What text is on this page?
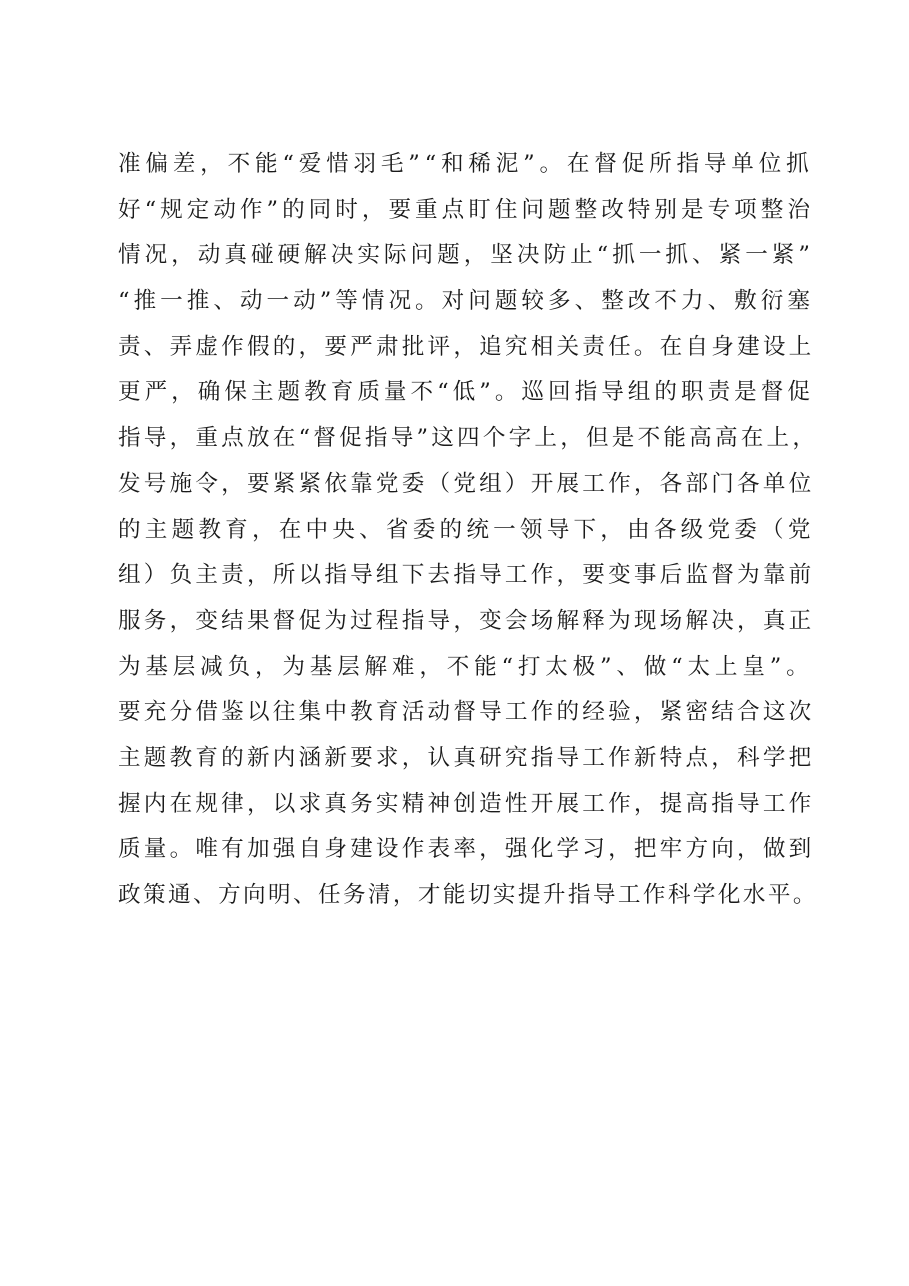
准偏差，不能“爱惜羽毛”“和稀泥”。在督促所指导单位抓
好“规定动作”的同时，要重点盯住问题整改特别是专项整治
情况，动真碰硬解决实际问题，坚决防止“抓一抓、紧一紧”
“推一推、动一动”等情况。对问题较多、整改不力、敷衍塞
责、弄虚作假的，要严肃批评，追究相关责任。在自身建设上
更严，确保主题教育质量不“低”。巡回指导组的职责是督促
指导，重点放在“督促指导”这四个字上，但是不能高高在上，
发号施令，要紧紧依靠党委（党组）开展工作，各部门各单位
的主题教育，在中央、省委的统一领导下，由各级党委（党
组）负主责，所以指导组下去指导工作，要变事后监督为靠前
服务，变结果督促为过程指导，变会场解释为现场解决，真正
为基层减负，为基层解难，不能“打太极”、做“太上皇”。
要充分借鉴以往集中教育活动督导工作的经验，紧密结合这次
主题教育的新内涵新要求，认真研究指导工作新特点，科学把
握内在规律，以求真务实精神创造性开展工作，提高指导工作
质量。唯有加强自身建设作表率，强化学习，把牢方向，做到
政策通、方向明、任务清，才能切实提升指导工作科学化水平。
